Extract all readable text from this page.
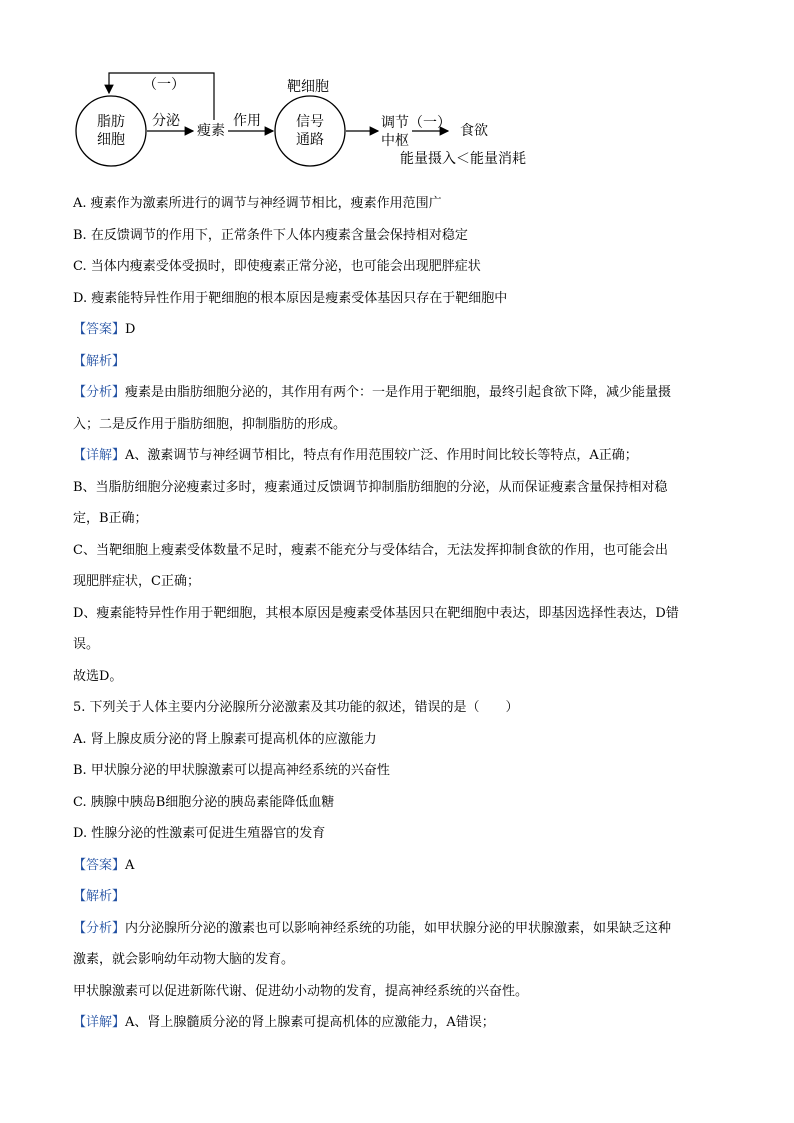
（一）
脂肪
细胞
分泌
瘦素
作用
靶细胞
信号
通路
调节（一）
中枢
食欲
能量摄入＜能量消耗
A. 瘦素作为激素所进行的调节与神经调节相比，瘦素作用范围广
B. 在反馈调节的作用下，正常条件下人体内瘦素含量会保持相对稳定
C. 当体内瘦素受体受损时，即使瘦素正常分泌，也可能会出现肥胖症状
D. 瘦素能特异性作用于靶细胞的根本原因是瘦素受体基因只存在于靶细胞中
【答案】D
【解析】
【分析】瘦素是由脂肪细胞分泌的，其作用有两个：一是作用于靶细胞，最终引起食欲下降，减少能量摄
入；二是反作用于脂肪细胞，抑制脂肪的形成。
【详解】A、激素调节与神经调节相比，特点有作用范围较广泛、作用时间比较长等特点，A正确；
B、当脂肪细胞分泌瘦素过多时，瘦素通过反馈调节抑制脂肪细胞的分泌，从而保证瘦素含量保持相对稳
定，B正确；
C、当靶细胞上瘦素受体数量不足时，瘦素不能充分与受体结合，无法发挥抑制食欲的作用，也可能会出
现肥胖症状，C正确；
D、瘦素能特异性作用于靶细胞，其根本原因是瘦素受体基因只在靶细胞中表达，即基因选择性表达，D错
误。
故选D。
5. 下列关于人体主要内分泌腺所分泌激素及其功能的叙述，错误的是（　　）
A. 肾上腺皮质分泌的肾上腺素可提高机体的应激能力
B. 甲状腺分泌的甲状腺激素可以提高神经系统的兴奋性
C. 胰腺中胰岛B细胞分泌的胰岛素能降低血糖
D. 性腺分泌的性激素可促进生殖器官的发育
【答案】A
【解析】
【分析】内分泌腺所分泌的激素也可以影响神经系统的功能，如甲状腺分泌的甲状腺激素，如果缺乏这种
激素，就会影响幼年动物大脑的发育。
甲状腺激素可以促进新陈代谢、促进幼小动物的发育，提高神经系统的兴奋性。
【详解】A、肾上腺髓质分泌的肾上腺素可提高机体的应激能力，A错误；
